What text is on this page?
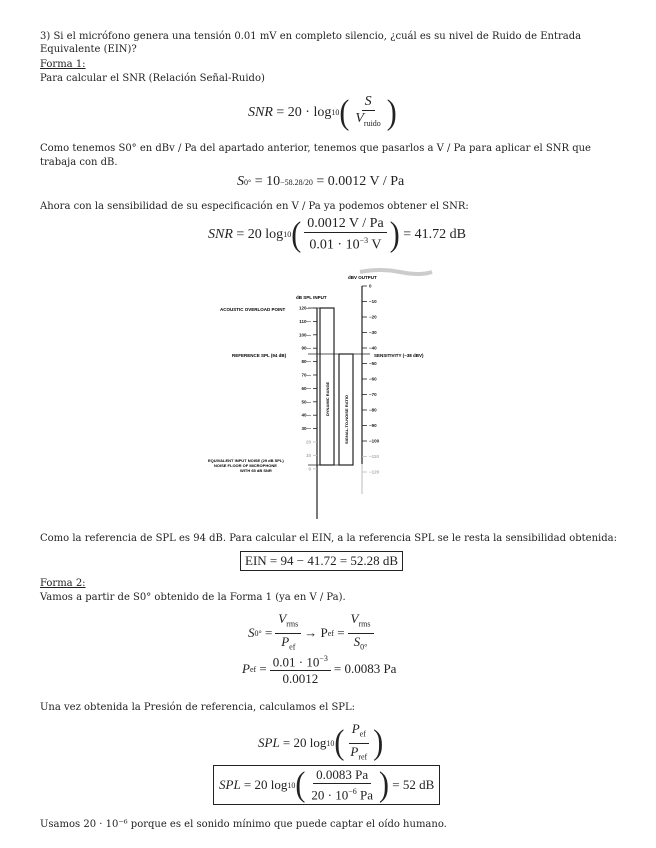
3) Si el micrófono genera una tensión 0.01 mV en completo silencio, ¿cuál es su nivel de Ruido de Entrada
Equivalente (EIN)?
Forma 1:
Para calcular el SNR (Relación Señal-Ruido)
SNR
= 20 · log 10 ( $\frac{S}{V_{ruido}}$ )
Como tenemos S0° en dBv / Pa del apartado anterior, tenemos que pasarlos a V / Pa para aplicar el SNR que
trabaja con dB.
S 0°
= 10 −58.28/20
= 0.0012 V / Pa
Ahora con la sensibilidad de su especificación en V / Pa ya podemos obtener el SNR:
SNR
= 20 log 10 ( $\frac{0.0012 V / Pa}{0.01 \cdot 10^{-3} V}$ )
= 41.72 dB
dBV OUTPUT
dB SPL INPUT
DYNAMIC RANGE	SIGNAL-TO-NOISE RATIO
ACOUSTIC OVERLOAD POINT
REFERENCE SPL (94 dB)	SENSITIVITY (−38 dBV)
EQUIVALENT INPUT NOISE (29 dB SPL)
NOISE FLOOR OF MICROPHONE
WITH 65 dB SNR
120—
110—
100—
90—
80—
70—
60—
50—
40—
30—
20
10
0
0
−10
−20
−30
−40
−50
−60
−70
−80
−90
−100
−110
−120
Como la referencia de SPL es 94 dB. Para calcular el EIN, a la referencia SPL se le resta la sensibilidad obtenida:
EIN = 94 − 41.72 = 52.28 dB
Forma 2:
Vamos a partir de S0° obtenido de la Forma 1 (ya en V / Pa).
S $0^\circ = \frac{V_{rms}}{P_{ef}} \to P$ ef = $\frac{V_{rms}}{S_{0^\circ}}$
P ef = $\frac{0.01 \cdot 10^{-3}}{0.0012} = 0.0083$ Pa
Una vez obtenida la Presión de referencia, calculamos el SPL:
SPL
= 20 log 10 ( $\frac{P_{ef}}{P_{ref}}$ )
SPL
= 20 log 10 ( $\frac{0.0083 Pa}{20 \cdot 10^{-6} Pa}$ )
= 52 dB
Usamos 20 · 10⁻⁶ porque es el sonido mínimo que puede captar el oído humano.
